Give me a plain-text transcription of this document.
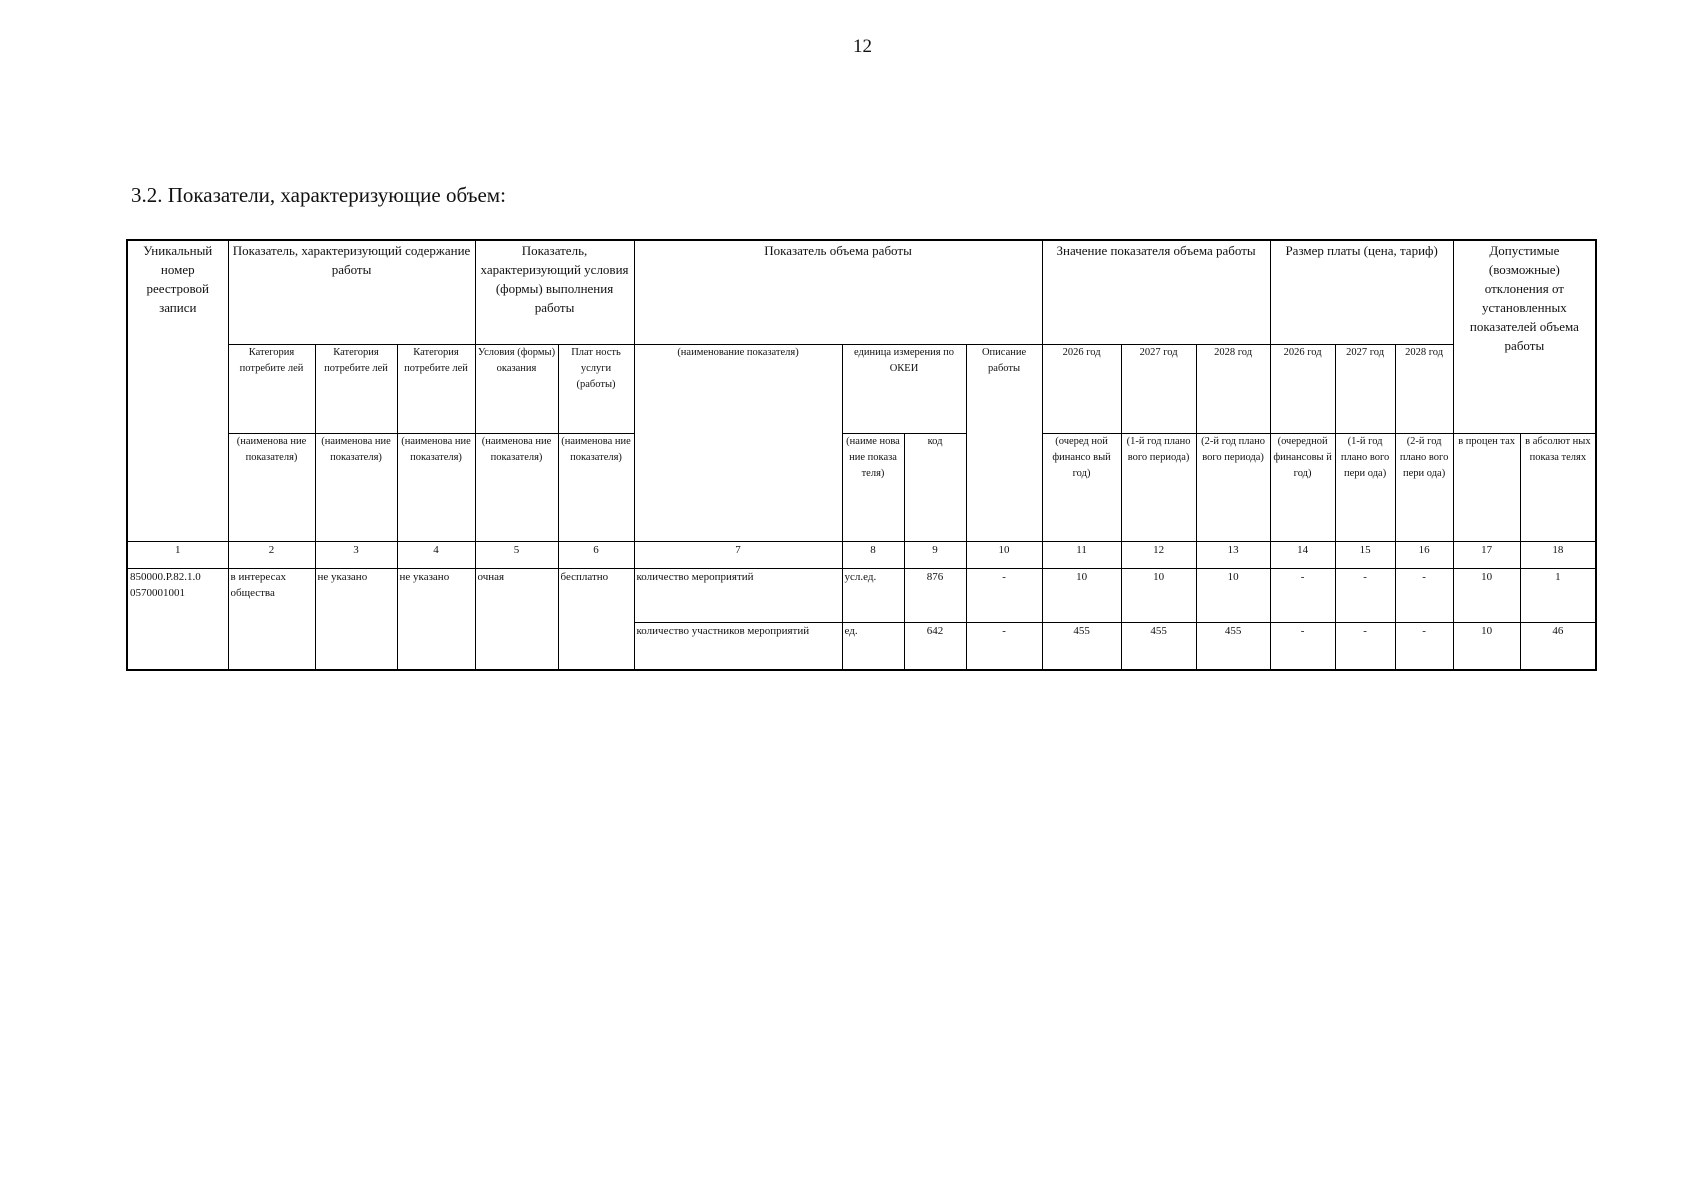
12
3.2. Показатели, характеризующие объем:
Уникальный номер реестровой записи	Показатель, характеризующий содержание работы			Показатель, характеризующий условия (формы) выполнения работы		Показатель объема работы				Значение показателя объема работы			Размер платы (цена, тариф)			Допустимые (возможные) отклонения от установленных показателей объема работы	
	Категория потребите лей	Категория потребите лей	Категория потребите лей	Условия (формы) оказания	Плат ность услуги (работы)	(наименование показателя)	единица измерения по ОКЕИ		Описание работы	2026 год	2027 год	2028 год	2026 год	2027 год	2028 год		
	(наименова ние показателя)	(наименова ние показателя)	(наименова ние показателя)	(наименова ние показателя)	(наименова ние показателя)		(наиме нова ние показа теля)	код		(очеред ной финансо вый год)	(1-й год плано вого периода)	(2-й год плано вого периода)	(очередной финансовы й год)	(1-й год плано вого пери ода)	(2-й год плано вого пери ода)	в процен тах	в абсолют ных показа телях
1	2	3	4	5	6	7	8	9	10	11	12	13	14	15	16	17	18
850000.Р.82.1.0 0570001001	в интересах общества	не указано	не указано	очная	бесплатно	количество мероприятий	усл.ед.	876	-	10	10	10	-	-	-	10	1
						количество участников мероприятий	ед.	642	-	455	455	455	-	-	-	10	46
